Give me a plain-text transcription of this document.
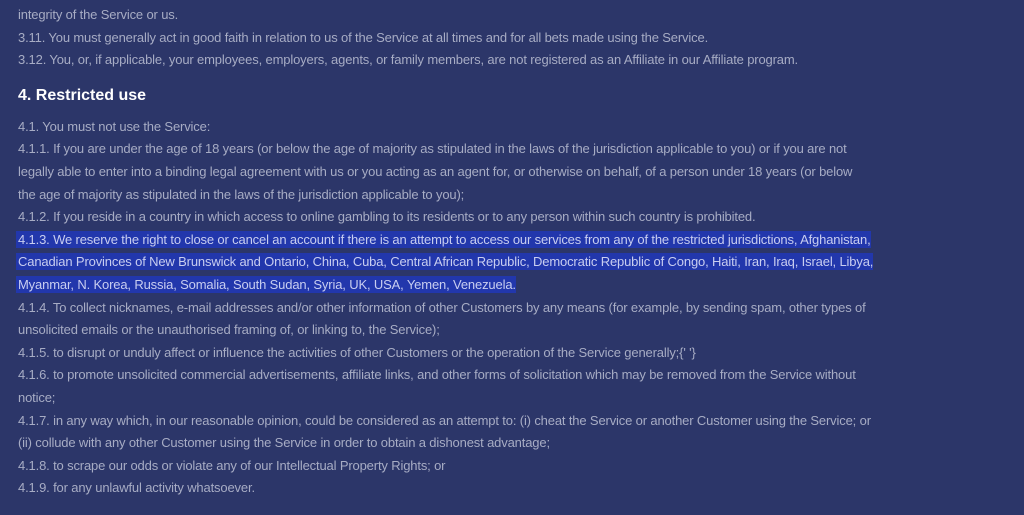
integrity of the Service or us.

3.11. You must generally act in good faith in relation to us of the Service at all times and for all bets made using the Service.

3.12. You, or, if applicable, your employees, employers, agents, or family members, are not registered as an Affiliate in our Affiliate program.

4. Restricted use

4.1. You must not use the Service:

4.1.1. If you are under the age of 18 years (or below the age of majority as stipulated in the laws of the jurisdiction applicable to you) or if you are not

legally able to enter into a binding legal agreement with us or you acting as an agent for, or otherwise on behalf, of a person under 18 years (or below

the age of majority as stipulated in the laws of the jurisdiction applicable to you);

4.1.2. If you reside in a country in which access to online gambling to its residents or to any person within such country is prohibited.

4.1.3. We reserve the right to close or cancel an account if there is an attempt to access our services from any of the restricted jurisdictions, Afghanistan,

Canadian Provinces of New Brunswick and Ontario, China, Cuba, Central African Republic, Democratic Republic of Congo, Haiti, Iran, Iraq, Israel, Libya,

Myanmar, N. Korea, Russia, Somalia, South Sudan, Syria, UK, USA, Yemen, Venezuela.

4.1.4. To collect nicknames, e-mail addresses and/or other information of other Customers by any means (for example, by sending spam, other types of

unsolicited emails or the unauthorised framing of, or linking to, the Service);

4.1.5. to disrupt or unduly affect or influence the activities of other Customers or the operation of the Service generally;{' '}

4.1.6. to promote unsolicited commercial advertisements, affiliate links, and other forms of solicitation which may be removed from the Service without

notice;

4.1.7. in any way which, in our reasonable opinion, could be considered as an attempt to: (i) cheat the Service or another Customer using the Service; or

(ii) collude with any other Customer using the Service in order to obtain a dishonest advantage;

4.1.8. to scrape our odds or violate any of our Intellectual Property Rights; or

4.1.9. for any unlawful activity whatsoever.
